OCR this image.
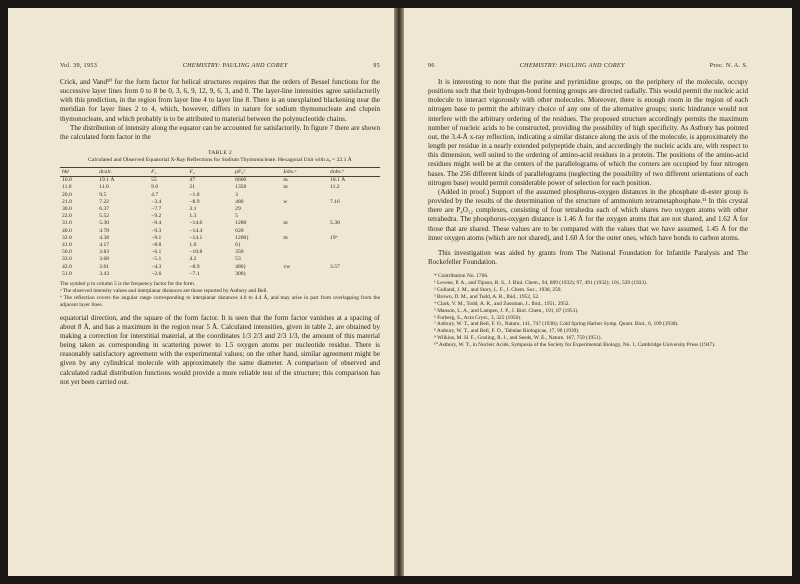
Vol. 39, 1953	CHEMISTRY: PAULING AND COREY	95

Crick, and Vand¹⁰ for the form factor for helical structures requires that the orders of Bessel functions for the successive layer lines from 0 to 8 be 0, 3, 6, 9, 12, 9, 6, 3, and 0. The layer-line intensities agree satisfactorily with this prediction, in the region from layer line 4 to layer line 8. There is an unexplained blackening near the meridian for layer lines 2 to 4, which, however, differs in nature for sodium thymonucleate and clupein thymonucleate, and which probably is to be attributed to material between the polynucleotide chains.

The distribution of intensity along the equator can be accounted for satisfactorily. In figure 7 there are shown the calculated form factor in the

TABLE 2
Calculated and Observed Equatorial X-Ray Reflections for Sodium Thymonucleate. Hexagonal Unit with a₀ = 22.1 Å
hkl	dcalc.	F₁	F₂	pF₂²	Iobs.ᵃ	dobs.ᵇ
10.0	19.1 Å	55	47	6600	m	18.1 Å
11.0	11.0	9.6	21	1350	m	11.2
20.0	9.5	4.7	−1.0	3		
21.0	7.22	−3.4	−8.9	480	w	7.16
30.0	6.37	−7.7	3.1	29		
22.0	5.52	−9.2	1.3	5		
31.0	5.30	−9.4	−14.6	1280	m	5.30
40.0	4.78	−9.3	−14.4	620		
32.0	4.38	−9.1	−14.1	1200}	m	19ᵇ
41.0	4.17	−8.8	1.0	6}		
50.0	3.83	−6.1	−10.8	350		
33.0	3.68	−5.1	4.2	53		
42.0	3.61	−4.3	−8.9	480}	vw	3.57
51.0	3.43	−2.6	−7.1	300}		
The symbol p in column 5 is the frequency factor for the form.
ᵃ The observed intensity values and interplanar distances are those reported by Astbury and Bell.
ᵇ The reflection covers the angular range corresponding to interplanar distances 4.0 to 4.4 Å, and may arise in part from overlapping from the adjacent layer lines.

equatorial direction, and the square of the form factor. It is seen that the form factor vanishes at a spacing of about 8 Å, and has a maximum in the region near 5 Å. Calculated intensities, given in table 2, are obtained by making a correction for interstitial material, at the coordinates 1/3 2/3 and 2/3 1/3, the amount of this material being taken as corresponding in scattering power to 1.5 oxygen atoms per nucleotide residue. There is reasonably satisfactory agreement with the experimental values; on the other hand, similar agreement might be given by any cylindrical molecule with approximately the same diameter. A comparison of observed and calculated radial distribution functions would provide a more reliable test of the structure; this comparison has not yet been carried out.

96	CHEMISTRY: PAULING AND COREY	Proc. N. A. S.

It is interesting to note that the purine and pyrimidine groups, on the periphery of the molecule, occupy positions such that their hydrogen-bond forming groups are directed radially. This would permit the nucleic acid molecule to interact vigorously with other molecules. Moreover, there is enough room in the region of each nitrogen base to permit the arbitrary choice of any one of the alternative groups; steric hindrance would not interfere with the arbitrary ordering of the residues. The proposed structure accordingly permits the maximum number of nucleic acids to be constructed, providing the possibility of high specificity. As Astbury has pointed out, the 3.4-Å x-ray reflection, indicating a similar distance along the axis of the molecule, is approximately the length per residue in a nearly extended polypeptide chain, and accordingly the nucleic acids are, with respect to this dimension, well suited to the ordering of amino-acid residues in a protein. The positions of the amino-acid residues might well be at the centers of the parallelograms of which the corners are occupied by four nitrogen bases. The 256 different kinds of parallelograms (neglecting the possibility of two different orientations of each nitrogen base) would permit considerable power of selection for each position.

(Added in proof.) Support of the assumed phosphorus-oxygen distances in the phosphate di-ester group is provided by the results of the determination of the structure of ammonium tetrametaphosphate.¹¹ In this crystal there are P₄O₁₂ complexes, consisting of four tetrahedra each of which shares two oxygen atoms with other tetrahedra. The phosphorus-oxygen distance is 1.46 Å for the oxygen atoms that are not shared, and 1.62 Å for those that are shared. These values are to be compared with the values that we have assumed, 1.45 Å for the inner oxygen atoms (which are not shared), and 1.60 Å for the outer ones, which have bonds to carbon atoms.

This investigation was aided by grants from The National Foundation for Infantile Paralysis and The Rockefeller Foundation.

* Contribution No. 1766.
¹ Levene, P. A., and Tipson, R. S., J. Biol. Chem., 94, 809 (1932); 97, 491 (1932); 101, 529 (1933).
² Gulland, J. M., and Story, L. F., J. Chem. Soc., 1938, 259.
³ Brown, D. M., and Todd, A. R., Ibid., 1952, 52.
⁴ Clark, V. M., Todd, A. R., and Zussman, J., Ibid., 1951, 2952.
⁵ Manson, L. A., and Lampen, J. P., J. Biol. Chem., 191, 87 (1951).
⁶ Furberg, S., Acta Cryst., 3, 325 (1950).
⁷ Astbury, W. T., and Bell, F. O., Nature, 141, 747 (1938); Cold Spring Harbor Symp. Quant. Biol., 6, 109 (1938).
⁸ Astbury, W. T., and Bell, F. O., Tabulae Biologicae, 17, 90 (1939).
⁹ Wilkins, M. H. F., Gosling, R. J., and Seeds, W. E., Nature, 167, 759 (1951).
¹⁰ Astbury, W. T., in Nucleic Acids, Symposia of the Society for Experimental Biology, No. 1, Cambridge University Press (1947).
